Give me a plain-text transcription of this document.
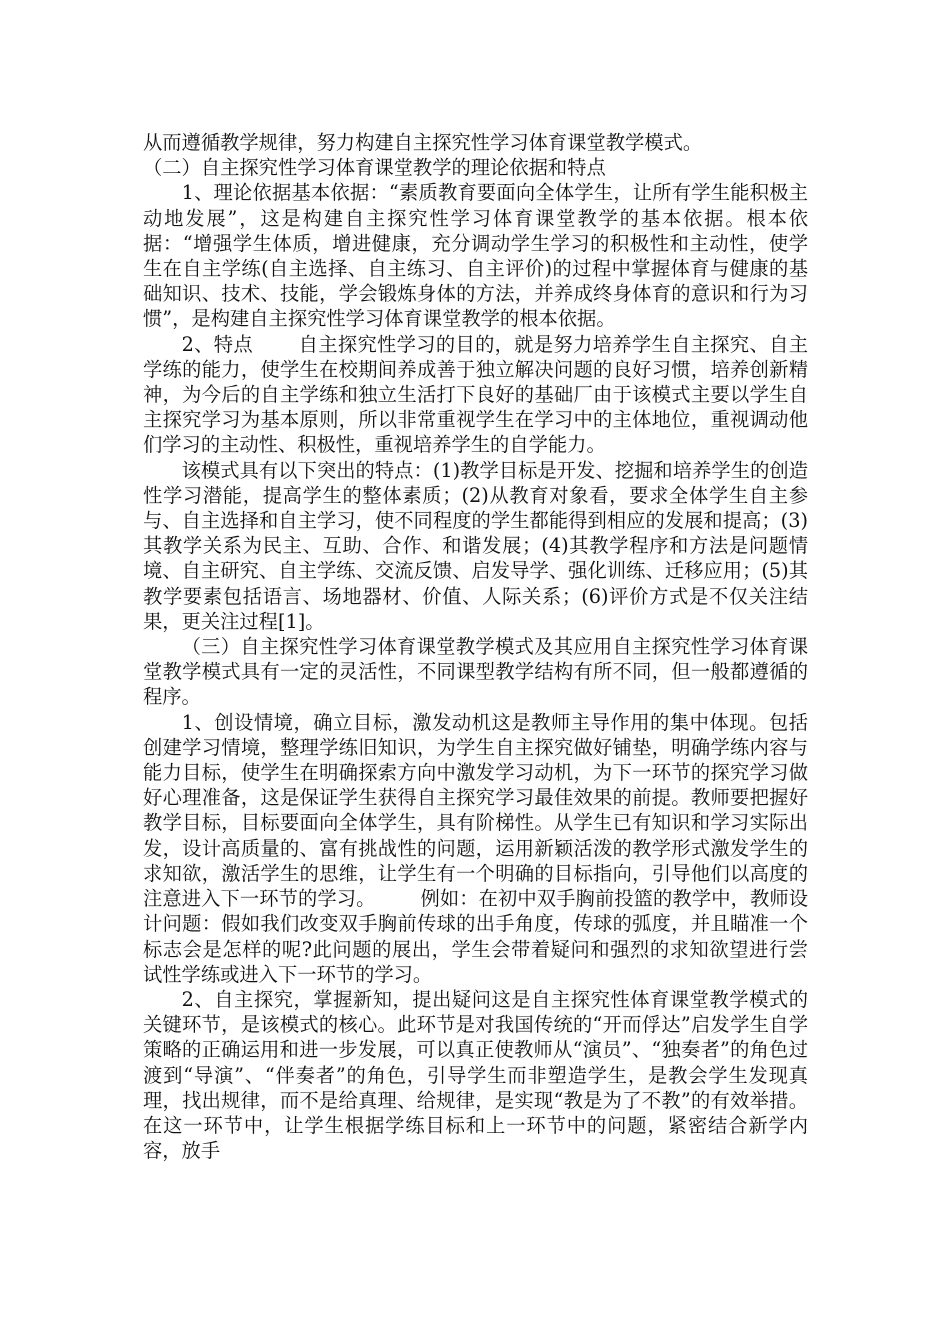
从而遵循教学规律，努力构建自主探究性学习体育课堂教学模式。

（二）自主探究性学习体育课堂教学的理论依据和特点

1、理论依据基本依据：“素质教育要面向全体学生，让所有学生能积极主动地发展”，这是构建自主探究性学习体育课堂教学的基本依据。根本依据：“增强学生体质，增进健康，充分调动学生学习的积极性和主动性，使学生在自主学练(自主选择、自主练习、自主评价)的过程中掌握体育与健康的基础知识、技术、技能，学会锻炼身体的方法，并养成终身体育的意识和行为习惯”，是构建自主探究性学习体育课堂教学的根本依据。

2、特点 　　自主探究性学习的目的，就是努力培养学生自主探究、自主学练的能力，使学生在校期间养成善于独立解决问题的良好习惯，培养创新精神，为今后的自主学练和独立生活打下良好的基础厂由于该模式主要以学生自主探究学习为基本原则，所以非常重视学生在学习中的主体地位，重视调动他们学习的主动性、积极性，重视培养学生的自学能力。

该模式具有以下突出的特点：(1)教学目标是开发、挖掘和培养学生的创造性学习潜能，提高学生的整体素质；(2)从教育对象看，要求全体学生自主参与、自主选择和自主学习，使不同程度的学生都能得到相应的发展和提高；(3)其教学关系为民主、互助、合作、和谐发展；(4)其教学程序和方法是问题情境、自主研究、自主学练、交流反馈、启发导学、强化训练、迁移应用；(5)其教学要素包括语言、场地器材、价值、人际关系；(6)评价方式是不仅关注结果，更关注过程[1]。

（三）自主探究性学习体育课堂教学模式及其应用自主探究性学习体育课堂教学模式具有一定的灵活性，不同课型教学结构有所不同，但一般都遵循的程序。

1、创设情境，确立目标，激发动机这是教师主导作用的集中体现。包括创建学习情境，整理学练旧知识，为学生自主探究做好铺垫，明确学练内容与能力目标，使学生在明确探索方向中激发学习动机，为下一环节的探究学习做好心理准备，这是保证学生获得自主探究学习最佳效果的前提。教师要把握好教学目标，目标要面向全体学生，具有阶梯性。从学生已有知识和学习实际出发，设计高质量的、富有挑战性的问题，运用新颖活泼的教学形式激发学生的求知欲，激活学生的思维，让学生有一个明确的目标指向，引导他们以高度的注意进入下一环节的学习。 　　例如：在初中双手胸前投篮的教学中，教师设计问题：假如我们改变双手胸前传球的出手角度，传球的弧度，并且瞄准一个标志会是怎样的呢?此问题的展出，学生会带着疑问和强烈的求知欲望进行尝试性学练或进入下一环节的学习。

2、自主探究，掌握新知，提出疑问这是自主探究性体育课堂教学模式的关键环节，是该模式的核心。此环节是对我国传统的“开而俘达”启发学生自学策略的正确运用和进一步发展，可以真正使教师从“演员”、“独奏者”的角色过渡到“导演”、“伴奏者”的角色，引导学生而非塑造学生，是教会学生发现真理，找出规律，而不是给真理、给规律，是实现“教是为了不教”的有效举措。在这一环节中，让学生根据学练目标和上一环节中的问题，紧密结合新学内容，放手
